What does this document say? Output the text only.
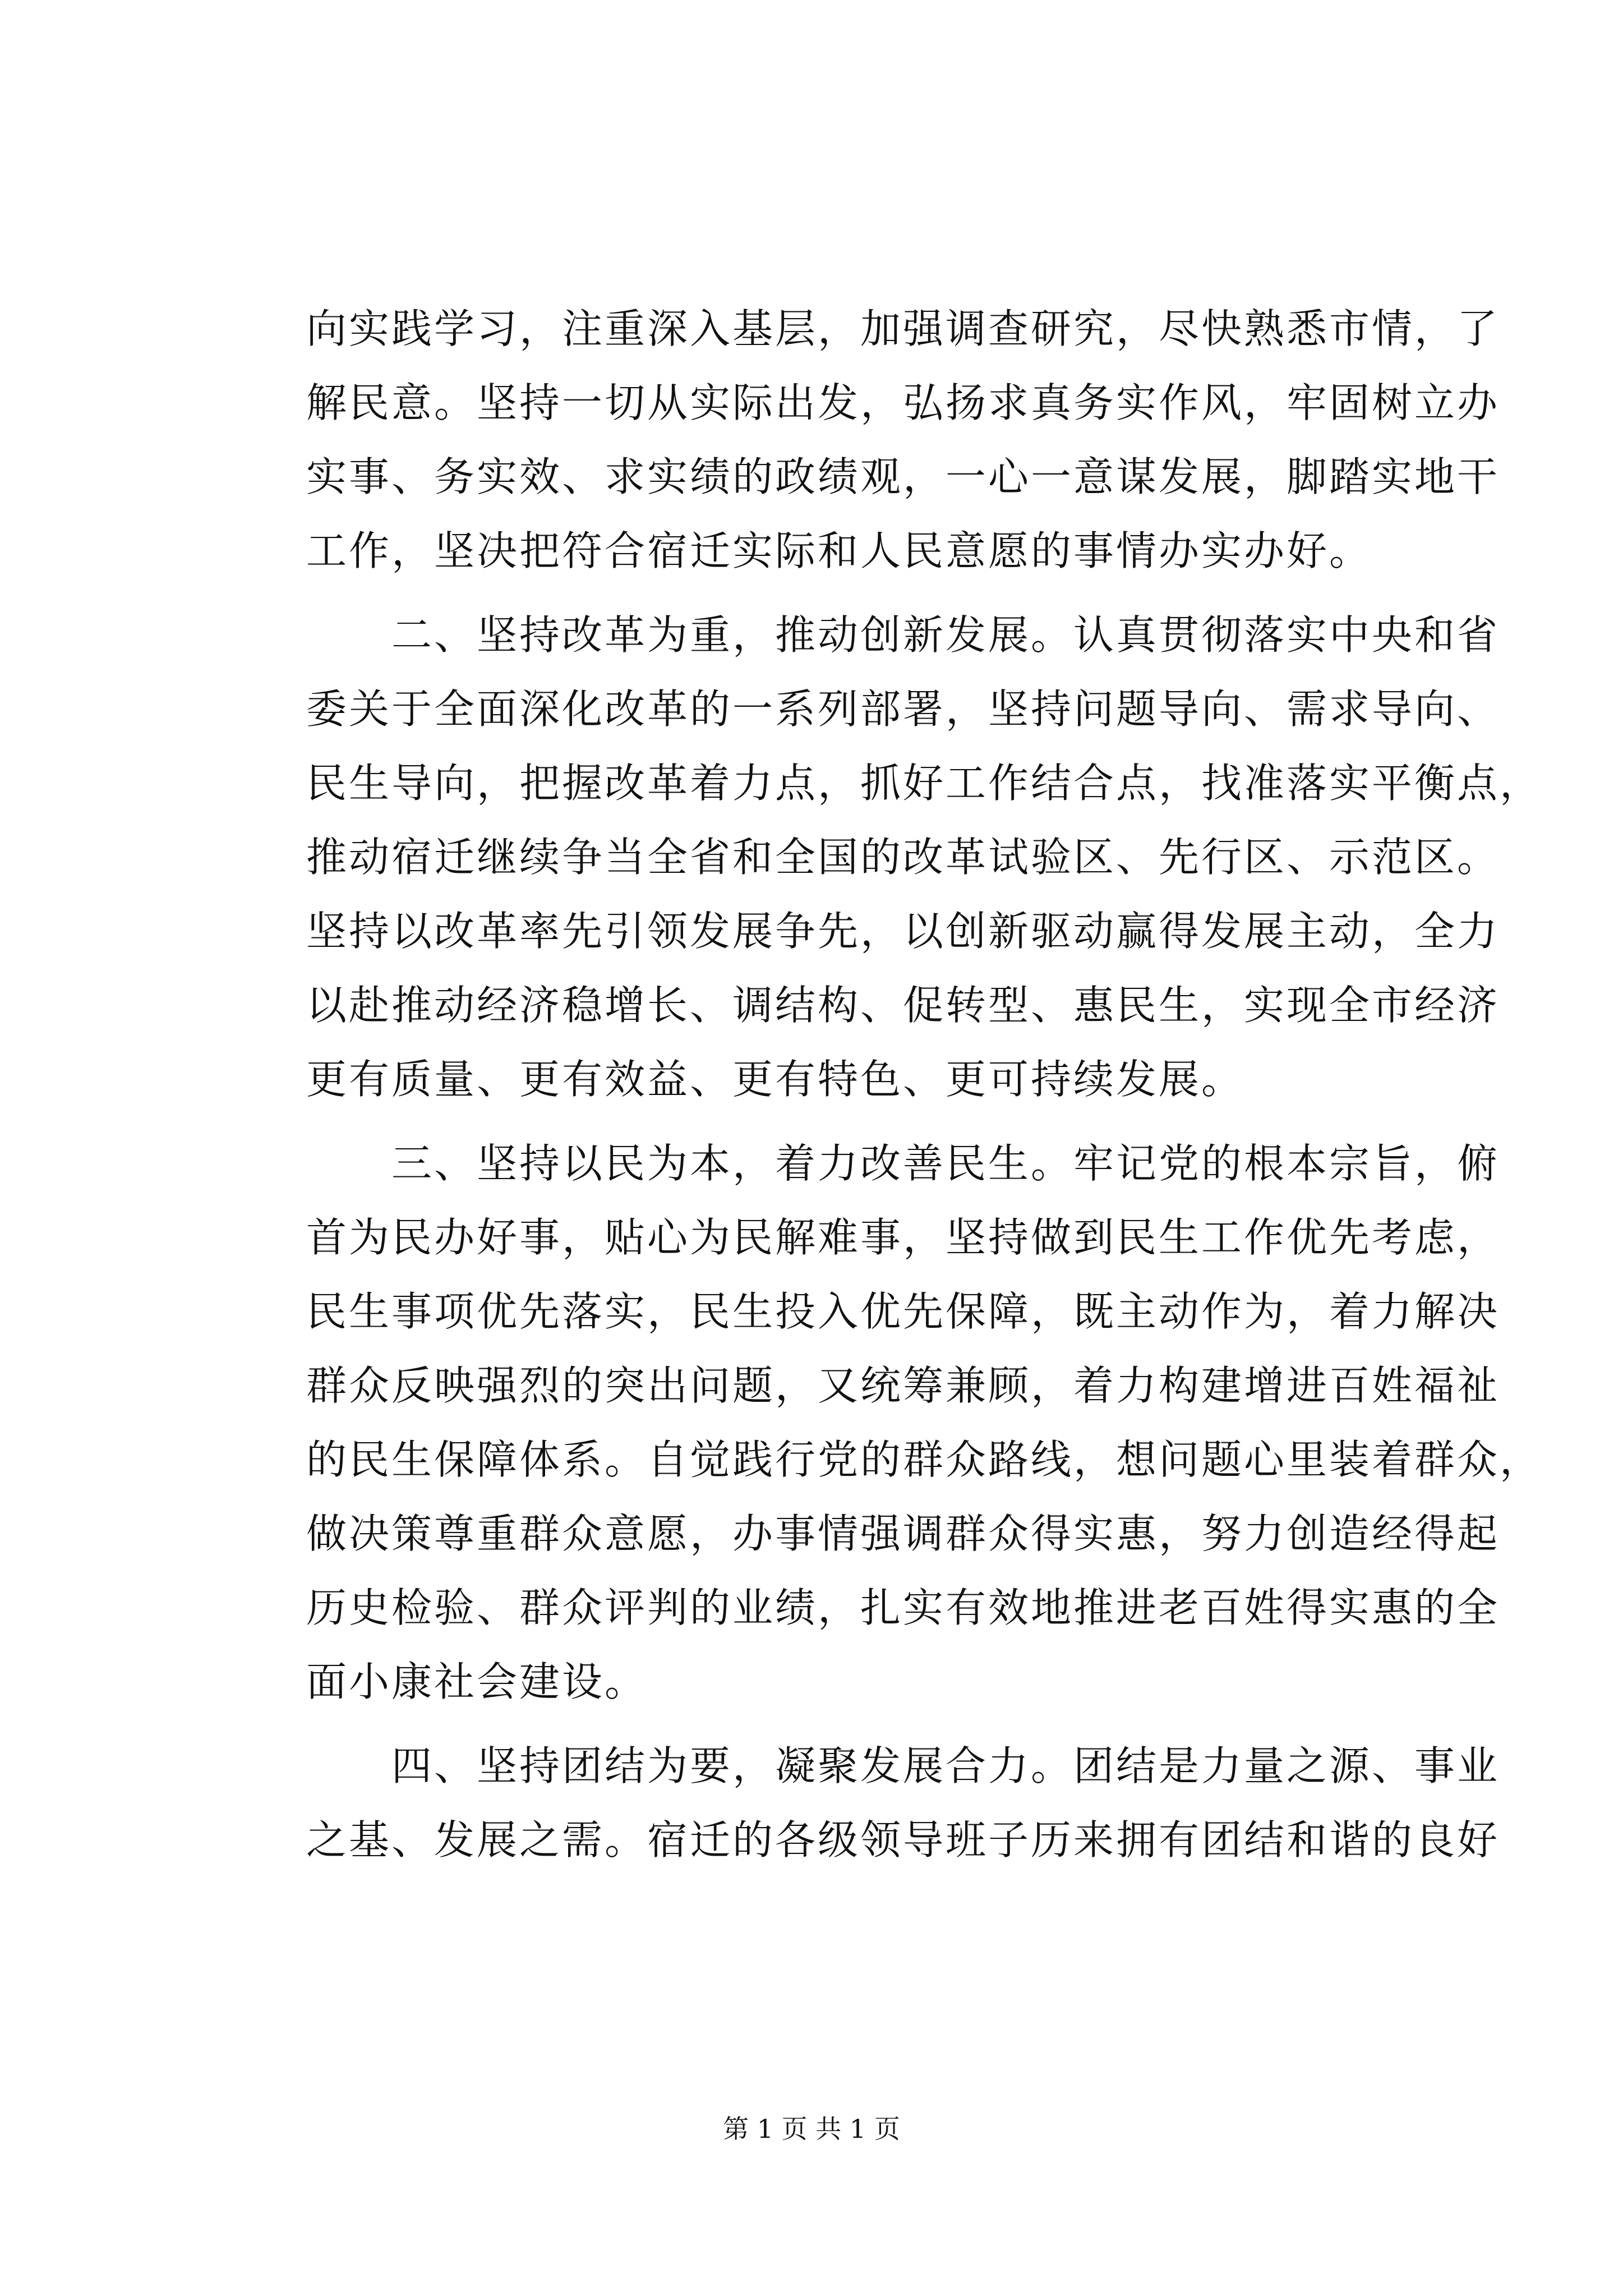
向实践学习，注重深入基层，加强调查研究，尽快熟悉市情，了
解民意。坚持一切从实际出发，弘扬求真务实作风，牢固树立办
实事、务实效、求实绩的政绩观，一心一意谋发展，脚踏实地干
工作，坚决把符合宿迁实际和人民意愿的事情办实办好。
二、坚持改革为重，推动创新发展。认真贯彻落实中央和省
委关于全面深化改革的一系列部署，坚持问题导向、需求导向、
民生导向，把握改革着力点，抓好工作结合点，找准落实平衡点，
推动宿迁继续争当全省和全国的改革试验区、先行区、示范区。
坚持以改革率先引领发展争先，以创新驱动赢得发展主动，全力
以赴推动经济稳增长、调结构、促转型、惠民生，实现全市经济
更有质量、更有效益、更有特色、更可持续发展。
三、坚持以民为本，着力改善民生。牢记党的根本宗旨，俯
首为民办好事，贴心为民解难事，坚持做到民生工作优先考虑，
民生事项优先落实，民生投入优先保障，既主动作为，着力解决
群众反映强烈的突出问题，又统筹兼顾，着力构建增进百姓福祉
的民生保障体系。自觉践行党的群众路线，想问题心里装着群众，
做决策尊重群众意愿，办事情强调群众得实惠，努力创造经得起
历史检验、群众评判的业绩，扎实有效地推进老百姓得实惠的全
面小康社会建设。
四、坚持团结为要，凝聚发展合力。团结是力量之源、事业
之基、发展之需。宿迁的各级领导班子历来拥有团结和谐的良好
第 1 页 共 1 页
